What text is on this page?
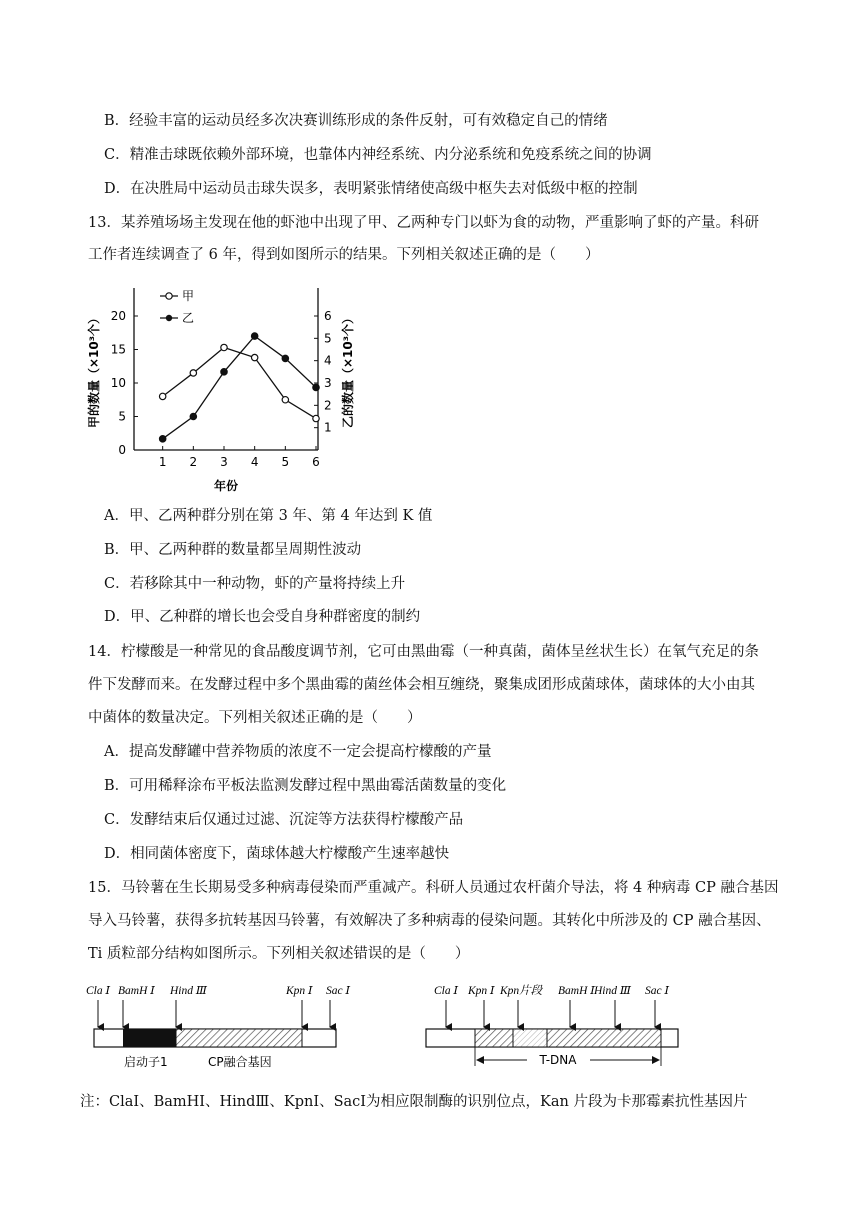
B．经验丰富的运动员经多次决赛训练形成的条件反射，可有效稳定自己的情绪
C．精准击球既依赖外部环境，也靠体内神经系统、内分泌系统和免疫系统之间的协调
D．在决胜局中运动员击球失误多，表明紧张情绪使高级中枢失去对低级中枢的控制
13．某养殖场场主发现在他的虾池中出现了甲、乙两种专门以虾为食的动物，严重影响了虾的产量。科研
工作者连续调查了 6 年，得到如图所示的结果。下列相关叙述正确的是（　　）
0
5
10
15
20
1
2
3
4
5
6
1 2 3 4 5 6
甲
乙
甲的数量（×10³个）	乙的数量（×10³个）
年份
A．甲、乙两种群分别在第 3 年、第 4 年达到 K 值
B．甲、乙两种群的数量都呈周期性波动
C．若移除其中一种动物，虾的产量将持续上升
D．甲、乙种群的增长也会受自身种群密度的制约
14．柠檬酸是一种常见的食品酸度调节剂，它可由黑曲霉（一种真菌，菌体呈丝状生长）在氧气充足的条
件下发酵而来。在发酵过程中多个黑曲霉的菌丝体会相互缠绕，聚集成团形成菌球体，菌球体的大小由其
中菌体的数量决定。下列相关叙述正确的是（　　）
A．提高发酵罐中营养物质的浓度不一定会提高柠檬酸的产量
B．可用稀释涂布平板法监测发酵过程中黑曲霉活菌数量的变化
C．发酵结束后仅通过过滤、沉淀等方法获得柠檬酸产品
D．相同菌体密度下，菌球体越大柠檬酸产生速率越快
15．马铃薯在生长期易受多种病毒侵染而严重减产。科研人员通过农杆菌介导法，将 4 种病毒 CP 融合基因
导入马铃薯，获得多抗转基因马铃薯，有效解决了多种病毒的侵染问题。其转化中所涉及的 CP 融合基因、
Ti 质粒部分结构如图所示。下列相关叙述错误的是（　　）
Cla Ⅰ BamH Ⅰ Hind Ⅲ	Kpn Ⅰ Sac Ⅰ
启动子1	CP融合基因
Cla Ⅰ Kpn Ⅰ Kpn片段 BamH Ⅰ Hind Ⅲ Sac Ⅰ
T-DNA
注：ClaⅠ、BamHⅠ、HindⅢ、KpnⅠ、SacⅠ为相应限制酶的识别位点，Kan 片段为卡那霉素抗性基因片
